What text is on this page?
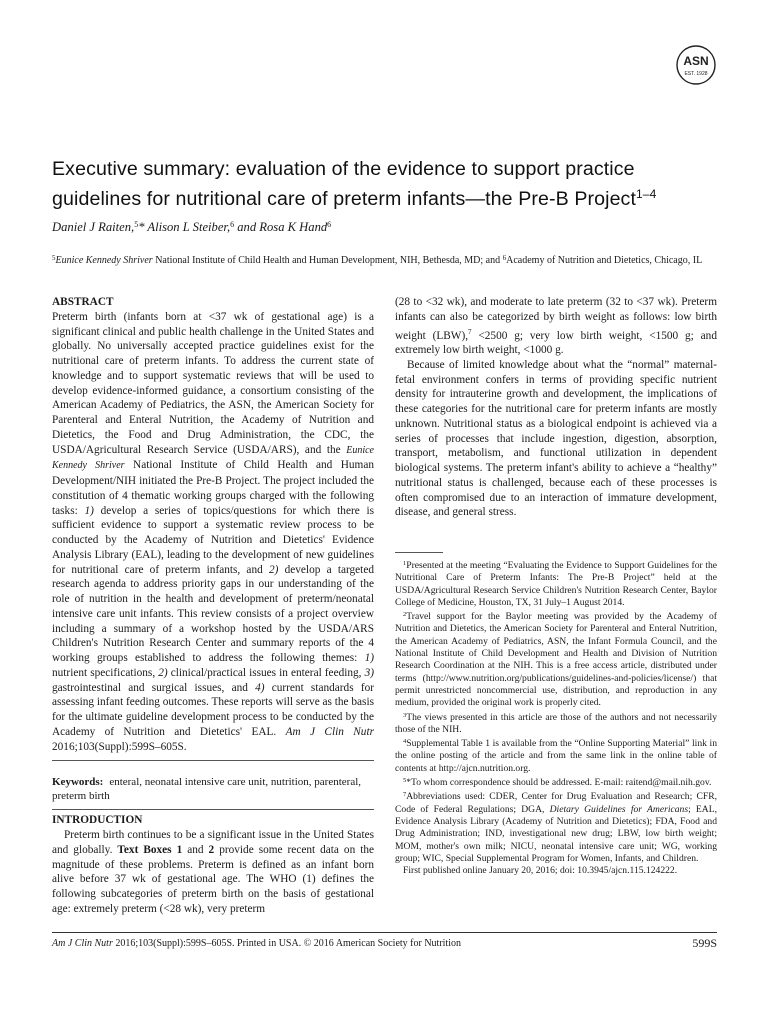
ASN
EST. 1928
Executive summary: evaluation of the evidence to support practice guidelines for nutritional care of preterm infants—the Pre-B Project$^{1-4}$
Daniel J Raiten,$^5$* Alison L Steiber,$^6$ and Rosa K Hand$^6$
$^5$Eunice Kennedy Shriver National Institute of Child Health and Human Development, NIH, Bethesda, MD; and $^6$Academy of Nutrition and Dietetics, Chicago, IL
ABSTRACT
Preterm birth (infants born at <37 wk of gestational age) is a significant clinical and public health challenge in the United States and globally. No universally accepted practice guidelines exist for the nutritional care of preterm infants. To address the current state of knowledge and to support systematic reviews that will be used to develop evidence-informed guidance, a consortium consisting of the American Academy of Pediatrics, the ASN, the American Society for Parenteral and Enteral Nutrition, the Academy of Nutrition and Dietetics, the Food and Drug Administration, the CDC, the USDA/Agricultural Research Service (USDA/ARS), and the Eunice Kennedy Shriver National Institute of Child Health and Human Development/NIH initiated the Pre-B Project. The project included the constitution of 4 thematic working groups charged with the following tasks: 1) develop a series of topics/questions for which there is sufficient evidence to support a systematic review process to be conducted by the Academy of Nutrition and Dietetics' Evidence Analysis Library (EAL), leading to the development of new guidelines for nutritional care of preterm infants, and 2) develop a targeted research agenda to address priority gaps in our understanding of the role of nutrition in the health and development of preterm/neonatal intensive care unit infants. This review consists of a project overview including a summary of a workshop hosted by the USDA/ARS Children's Nutrition Research Center and summary reports of the 4 working groups established to address the following themes: 1) nutrient specifications, 2) clinical/practical issues in enteral feeding, 3) gastrointestinal and surgical issues, and 4) current standards for assessing infant feeding outcomes. These reports will serve as the basis for the ultimate guideline development process to be conducted by the Academy of Nutrition and Dietetics' EAL. Am J Clin Nutr 2016;103(Suppl):599S–605S.
Keywords: enteral, neonatal intensive care unit, nutrition, parenteral, preterm birth
INTRODUCTION
Preterm birth continues to be a significant issue in the United States and globally. Text Boxes 1 and 2 provide some recent data on the magnitude of these problems. Preterm is defined as an infant born alive before 37 wk of gestational age. The WHO (1) defines the following subcategories of preterm birth on the basis of gestational age: extremely preterm (<28 wk), very preterm

(28 to <32 wk), and moderate to late preterm (32 to <37 wk). Preterm infants can also be categorized by birth weight as follows: low birth weight (LBW),$^7$ <2500 g; very low birth weight, <1500 g; and extremely low birth weight, <1000 g.

Because of limited knowledge about what the “normal” maternal-fetal environment confers in terms of providing specific nutrient density for intrauterine growth and development, the implications of these categories for the nutritional care for preterm infants are mostly unknown. Nutritional status as a biological endpoint is achieved via a series of processes that include ingestion, digestion, absorption, transport, metabolism, and functional utilization in dependent biological systems. The preterm infant's ability to achieve a “healthy” nutritional status is challenged, because each of these processes is often compromised due to an interaction of immature development, disease, and general stress.

$^1$Presented at the meeting “Evaluating the Evidence to Support Guidelines for the Nutritional Care of Preterm Infants: The Pre-B Project” held at the USDA/Agricultural Research Service Children's Nutrition Research Center, Baylor College of Medicine, Houston, TX, 31 July–1 August 2014.

$^2$Travel support for the Baylor meeting was provided by the Academy of Nutrition and Dietetics, the American Society for Parenteral and Enteral Nutrition, the American Academy of Pediatrics, ASN, the Infant Formula Council, and the National Institute of Child Development and Health and Division of Nutrition Research Coordination at the NIH. This is a free access article, distributed under terms (http://www.nutrition.org/publications/guidelines-and-policies/license/) that permit unrestricted noncommercial use, distribution, and reproduction in any medium, provided the original work is properly cited.

$^3$The views presented in this article are those of the authors and not necessarily those of the NIH.

$^4$Supplemental Table 1 is available from the “Online Supporting Material” link in the online posting of the article and from the same link in the online table of contents at http://ajcn.nutrition.org.

$^5$*To whom correspondence should be addressed. E-mail: raitend@mail.nih.gov.

$^7$Abbreviations used: CDER, Center for Drug Evaluation and Research; CFR, Code of Federal Regulations; DGA, Dietary Guidelines for Americans; EAL, Evidence Analysis Library (Academy of Nutrition and Dietetics); FDA, Food and Drug Administration; IND, investigational new drug; LBW, low birth weight; MOM, mother's own milk; NICU, neonatal intensive care unit; WG, working group; WIC, Special Supplemental Program for Women, Infants, and Children.

First published online January 20, 2016; doi: 10.3945/ajcn.115.124222.

Am J Clin Nutr 2016;103(Suppl):599S–605S. Printed in USA. © 2016 American Society for Nutrition	599S
